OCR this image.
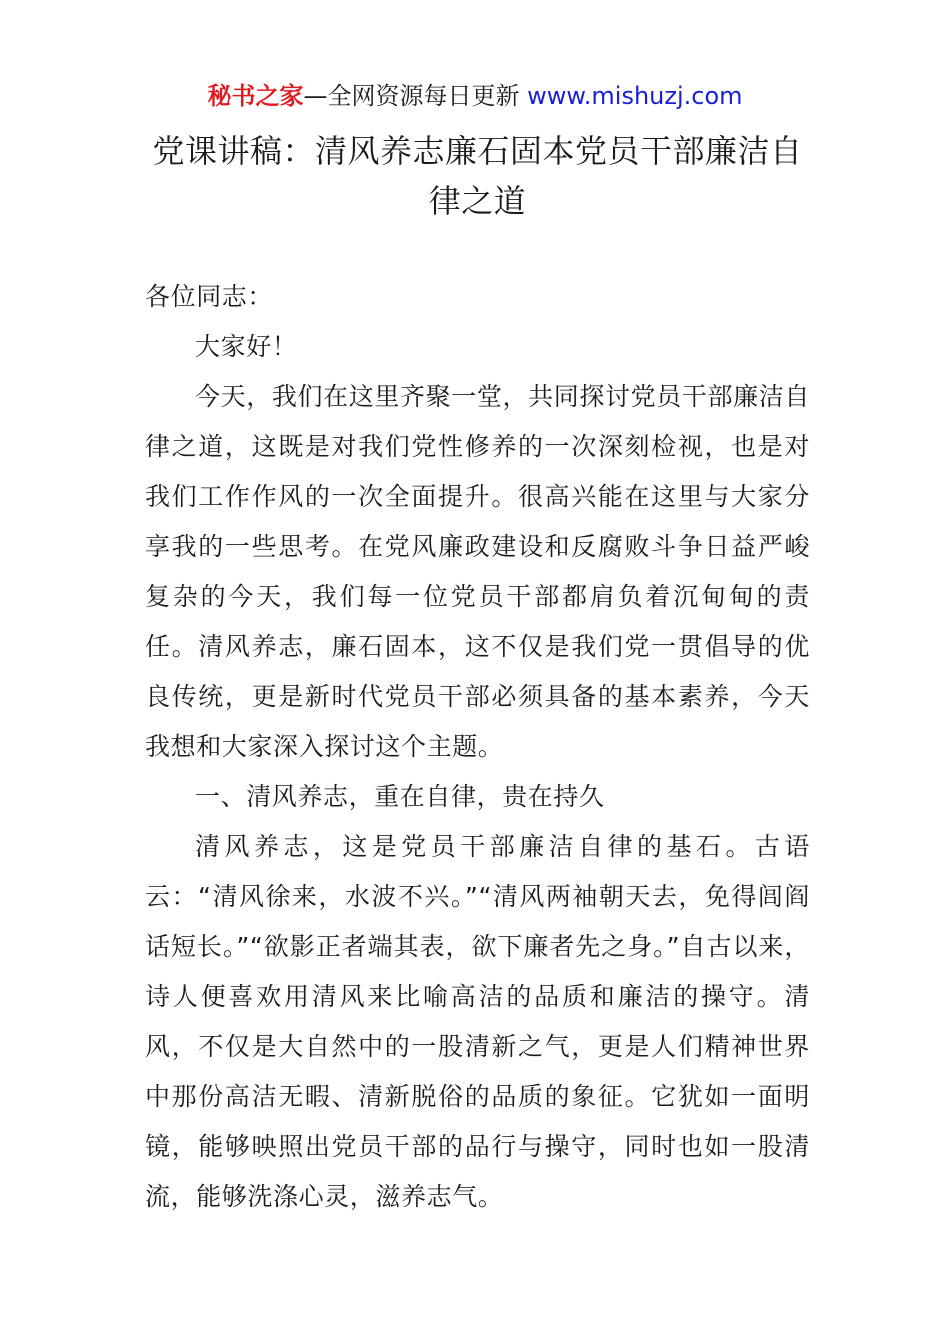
秘书之家—全网资源每日更新 www.mishuzj.com
党课讲稿：清风养志廉石固本党员干部廉洁自律之道

各位同志：

大家好！

今天，我们在这里齐聚一堂，共同探讨党员干部廉洁自律之道，这既是对我们党性修养的一次深刻检视，也是对我们工作作风的一次全面提升。很高兴能在这里与大家分享我的一些思考。在党风廉政建设和反腐败斗争日益严峻复杂的今天，我们每一位党员干部都肩负着沉甸甸的责任。清风养志，廉石固本，这不仅是我们党一贯倡导的优良传统，更是新时代党员干部必须具备的基本素养，今天我想和大家深入探讨这个主题。

一、清风养志，重在自律，贵在持久

清风养志，这是党员干部廉洁自律的基石。古语云：“清风徐来，水波不兴。”“清风两袖朝天去，免得闾阎话短长。”“欲影正者端其表，欲下廉者先之身。”自古以来，诗人便喜欢用清风来比喻高洁的品质和廉洁的操守。清风，不仅是大自然中的一股清新之气，更是人们精神世界中那份高洁无暇、清新脱俗的品质的象征。它犹如一面明镜，能够映照出党员干部的品行与操守，同时也如一股清流，能够洗涤心灵，滋养志气。
